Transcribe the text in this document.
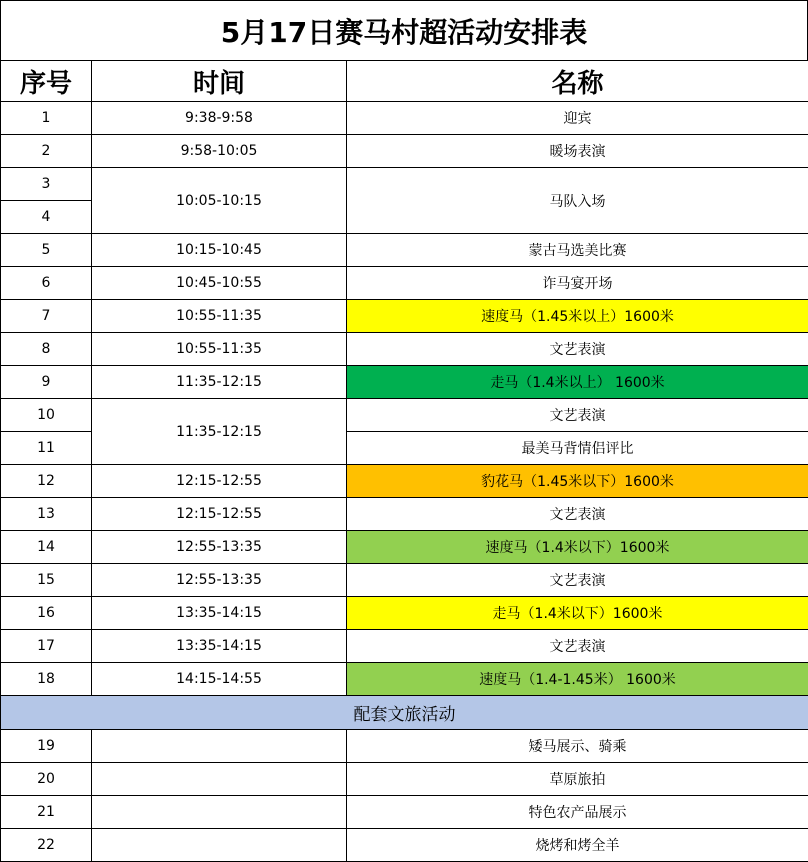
5月17日赛马村超活动安排表
序号	时间	名称
1	9:38-9:58	迎宾
2	9:58-10:05	暖场表演
3	10:05-10:15	马队入场
4		
5	10:15-10:45	蒙古马选美比赛
6	10:45-10:55	诈马宴开场
7	10:55-11:35	速度马（1.45米以上）1600米
8	10:55-11:35	文艺表演
9	11:35-12:15	走马（1.4米以上） 1600米
10	11:35-12:15	文艺表演
11		最美马背情侣评比
12	12:15-12:55	豹花马（1.45米以下）1600米
13	12:15-12:55	文艺表演
14	12:55-13:35	速度马（1.4米以下）1600米
15	12:55-13:35	文艺表演
16	13:35-14:15	走马（1.4米以下）1600米
17	13:35-14:15	文艺表演
18	14:15-14:55	速度马（1.4-1.45米） 1600米
配套文旅活动		
19		矮马展示、骑乘
20		草原旅拍
21		特色农产品展示
22		烧烤和烤全羊
